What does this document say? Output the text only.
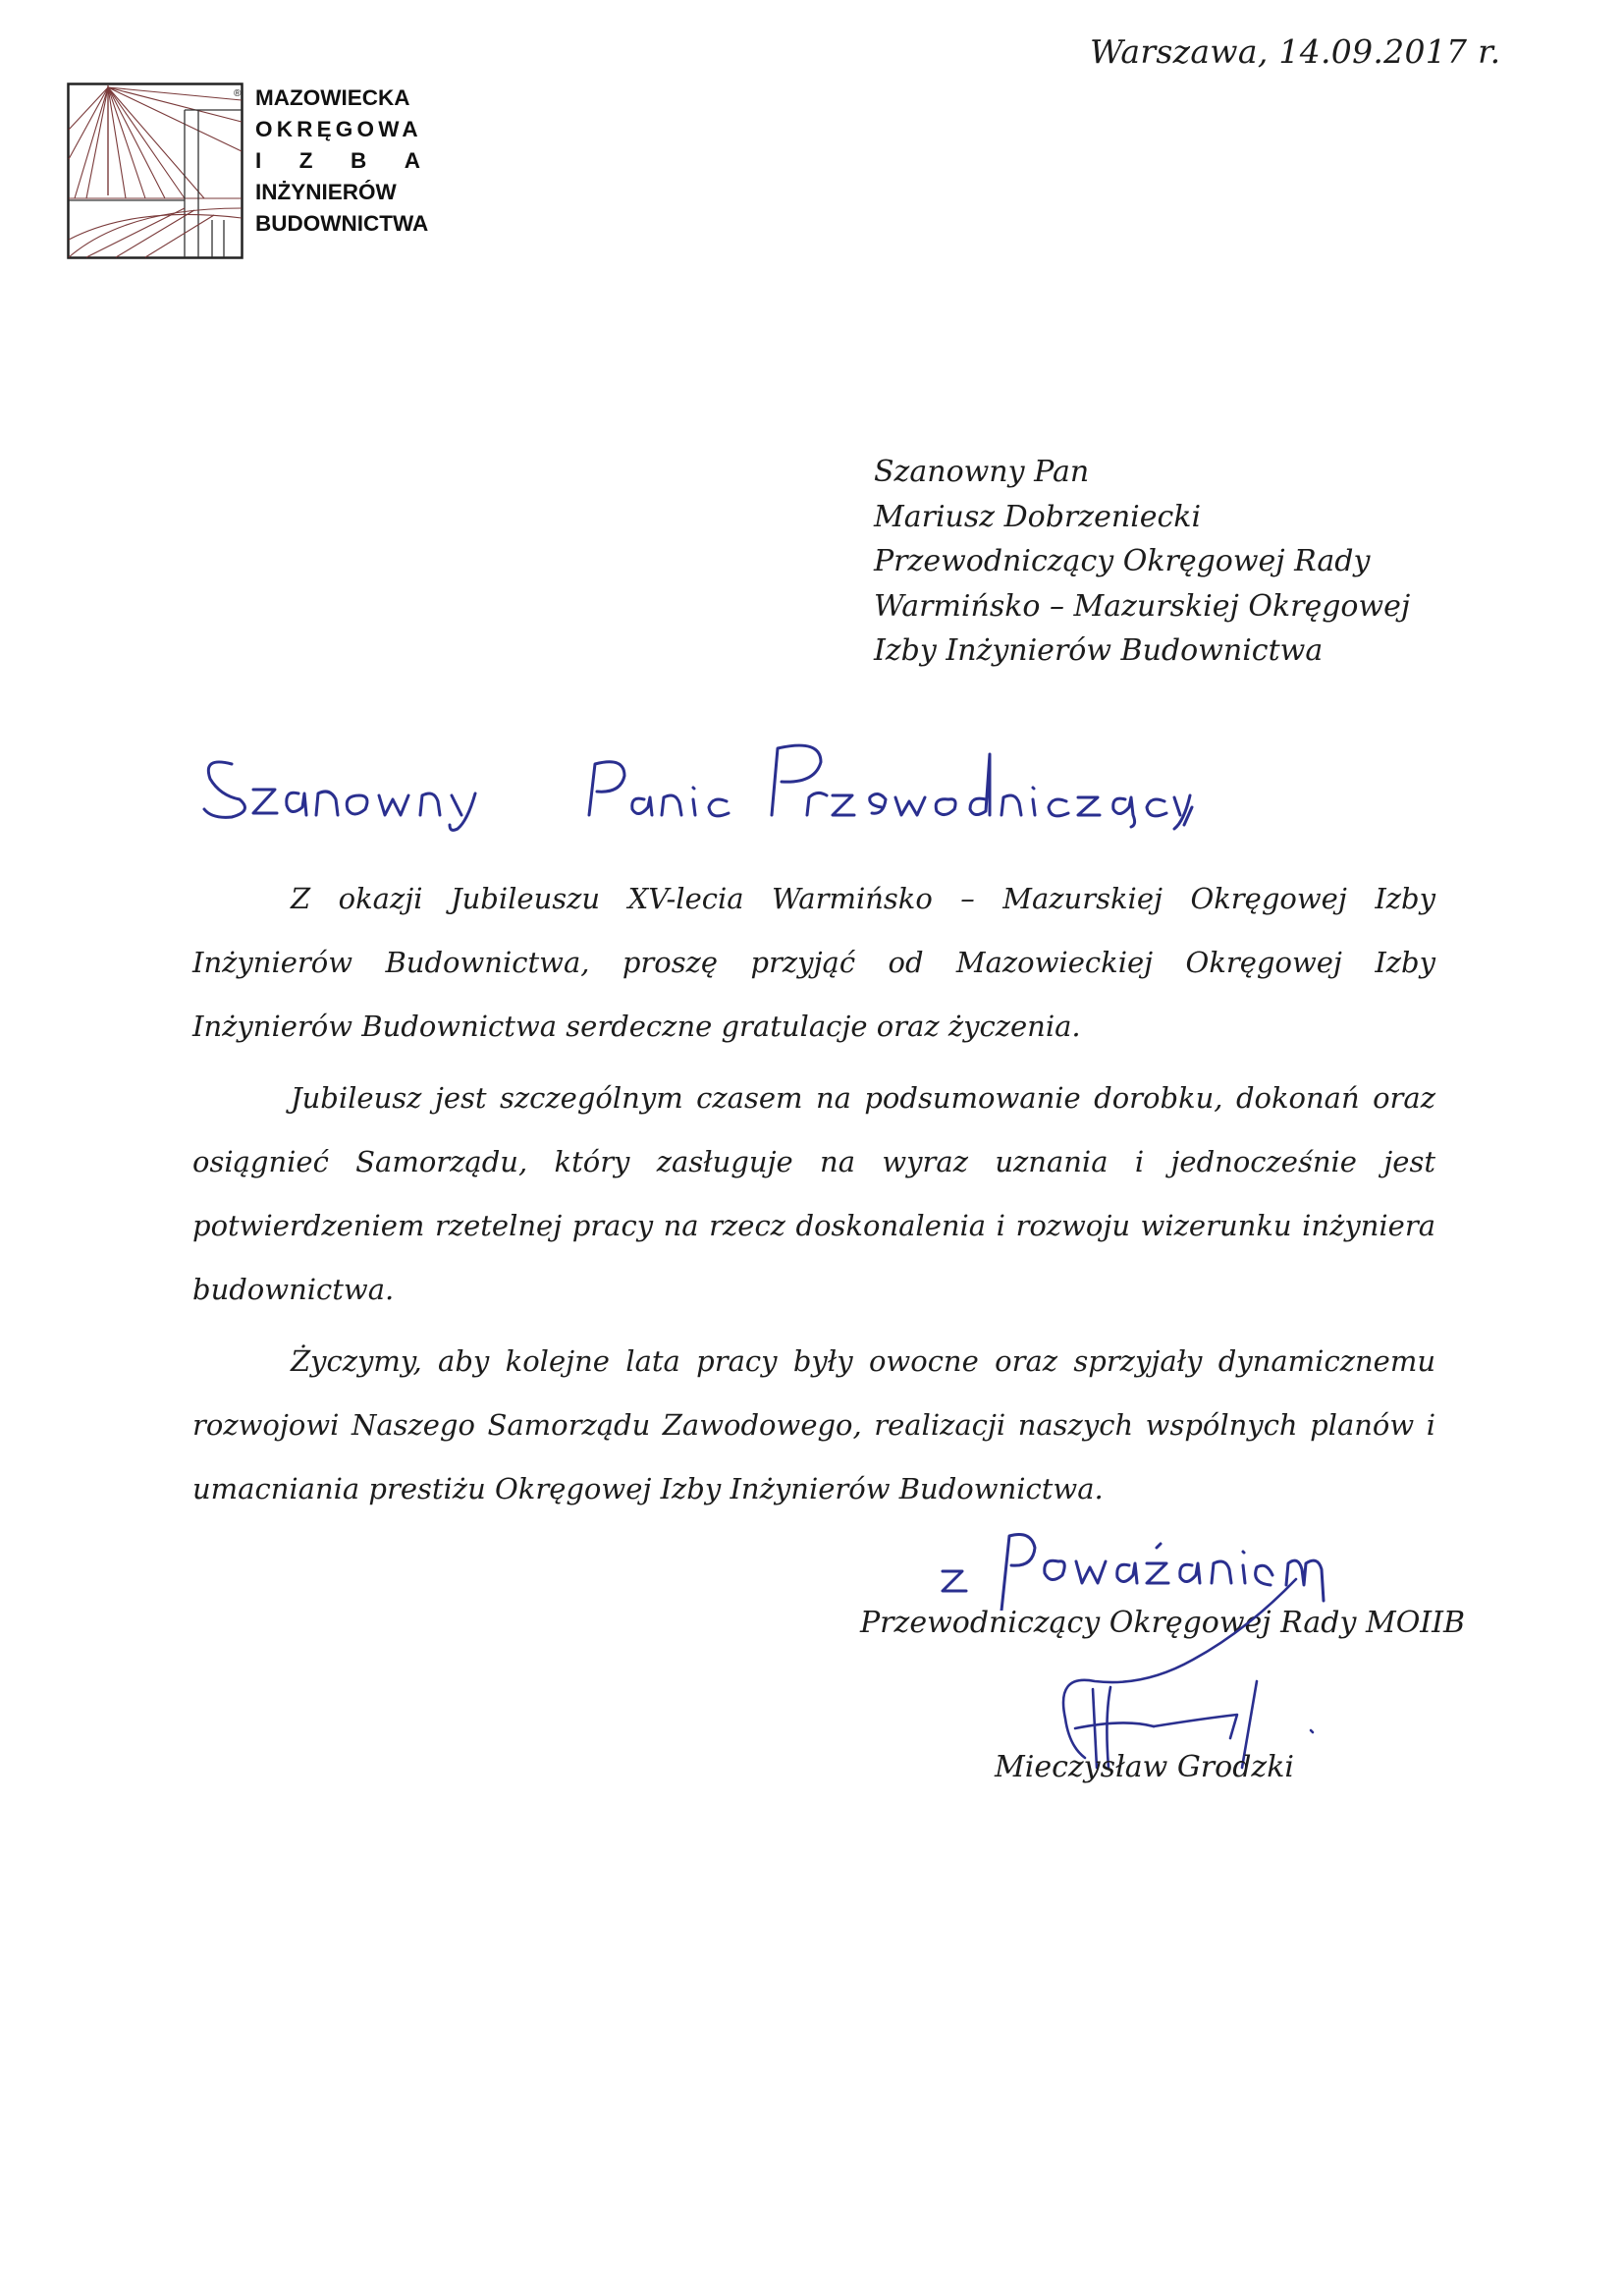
Warszawa, 14.09.2017 r.
® MAZOWIECKA
OKRĘGOWA
I Z B A
INŻYNIERÓW
BUDOWNICTWA
Szanowny Pan
Mariusz Dobrzeniecki
Przewodniczący Okręgowej Rady
Warmińsko – Mazurskiej Okręgowej
Izby Inżynierów Budownictwa

Z okazji Jubileuszu XV-lecia Warmińsko – Mazurskiej Okręgowej Izby Inżynierów Budownictwa, proszę przyjąć od Mazowieckiej Okręgowej Izby Inżynierów Budownictwa serdeczne gratulacje oraz życzenia.

Jubileusz jest szczególnym czasem na podsumowanie dorobku, dokonań oraz osiągnieć Samorządu, który zasługuje na wyraz uznania i jednocześnie jest potwierdzeniem rzetelnej pracy na rzecz doskonalenia i rozwoju wizerunku inżyniera budownictwa.

Życzymy, aby kolejne lata pracy były owocne oraz sprzyjały dynamicznemu rozwojowi Naszego Samorządu Zawodowego, realizacji naszych wspólnych planów i umacniania prestiżu Okręgowej Izby Inżynierów Budownictwa.

Przewodniczący Okręgowej Rady MOIIB
Mieczysław Grodzki
